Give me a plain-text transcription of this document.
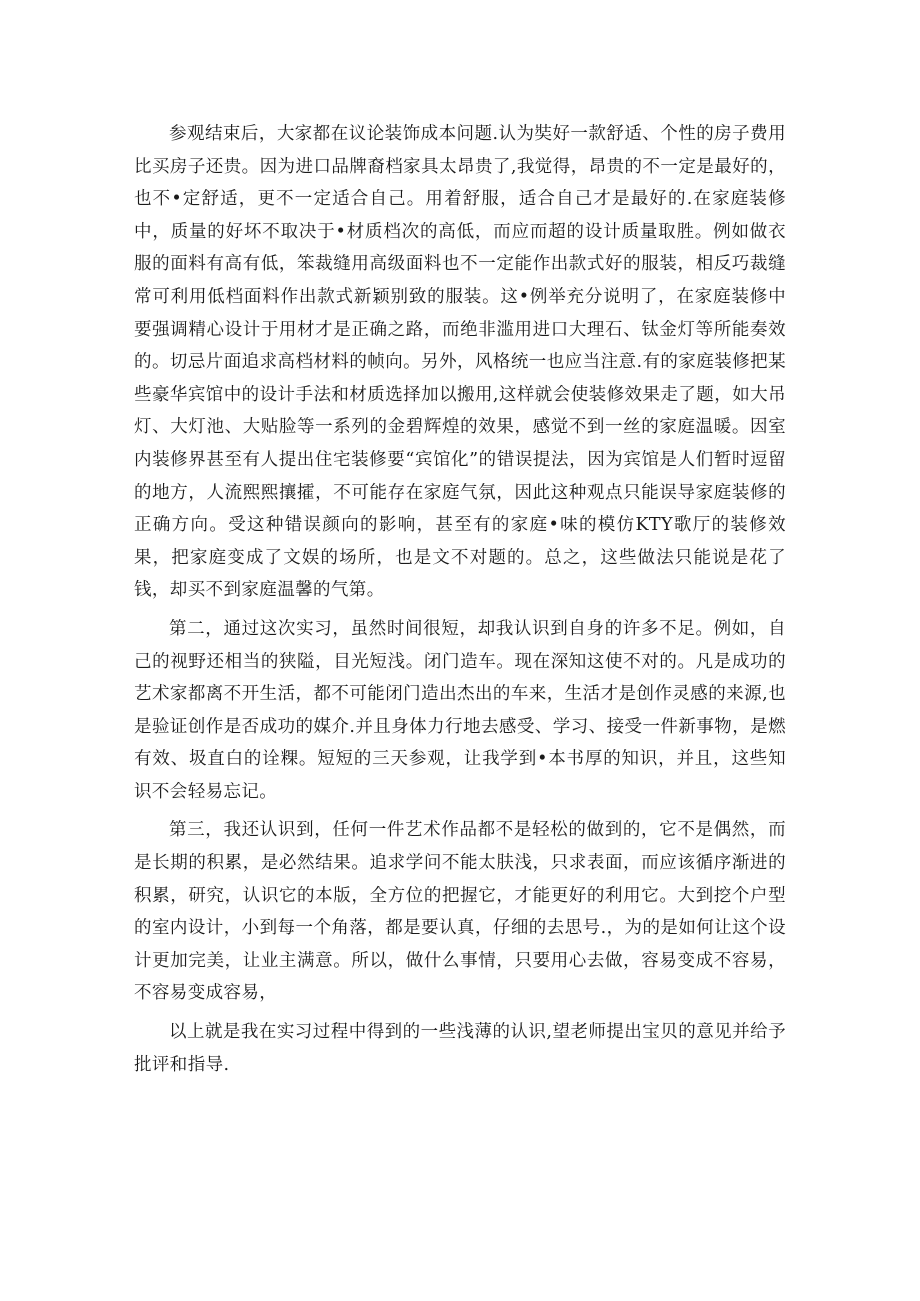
参观结束后，大家都在议论装饰成本问题.认为奘好一款舒适、个性的房子费用比买房子还贵。因为进口品牌裔档家具太昂贵了,我觉得，昂贵的不一定是最好的，也不•定舒适，更不一定适合自己。用着舒服，适合自己才是最好的.在家庭装修中，质量的好坏不取决于•材质档次的高低，而应而超的设计质量取胜。例如做衣服的面料有高有低，笨裁缝用高级面料也不一定能作出款式好的服装，相反巧裁缝常可利用低档面料作出款式新颖别致的服装。这•例举充分说明了，在家庭装修中要强调精心设计于用材才是正确之路，而绝非滥用进口大理石、钛金灯等所能奏效的。切忌片面追求高档材料的帧向。另外，风格统一也应当注意.有的家庭装修把某些豪华宾馆中的设计手法和材质选择加以搬用,这样就会使装修效果走了题，如大吊灯、大灯池、大贴脸等一系列的金碧辉煌的效果，感觉不到一丝的家庭温暖。因室内装修界甚至有人提出住宅装修要“宾馆化”的错误提法，因为宾馆是人们暂时逗留的地方，人流熙熙攘攉，不可能存在家庭气氛，因此这种观点只能误导家庭装修的正确方向。受这种错误颜向的影响，甚至有的家庭•味的模仿KTY歌厅的装修效果，把家庭变成了文娱的场所，也是文不对题的。总之，这些做法只能说是花了钱，却买不到家庭温馨的气第。

第二，通过这次实习，虽然时间很短，却我认识到自身的许多不足。例如，自己的视野还相当的狭隘，目光短浅。闭门造车。现在深知这使不对的。凡是成功的艺术家都离不开生活，都不可能闭门造出杰出的车来，生活才是创作灵感的来源,也是验证创作是否成功的媒介.并且身体力行地去感受、学习、接受一件新事物，是燃有效、圾直白的诠粿。短短的三天参观，让我学到•本书厚的知识，并且，这些知识不会轻易忘记。

第三，我还认识到，任何一件艺术作品都不是轻松的做到的，它不是偶然，而是长期的积累，是必然结果。追求学问不能太肤浅，只求表面，而应该循序渐进的积累，研究，认识它的本版，全方位的把握它，才能更好的利用它。大到挖个户型的室内设计，小到每一个角落，都是要认真，仔细的去思号.，为的是如何让这个设计更加完美，让业主满意。所以，做什么事情，只要用心去做，容易变成不容易，不容易变成容易，

以上就是我在实习过程中得到的一些浅薄的认识,望老师提出宝贝的意见并给予批评和指导.
